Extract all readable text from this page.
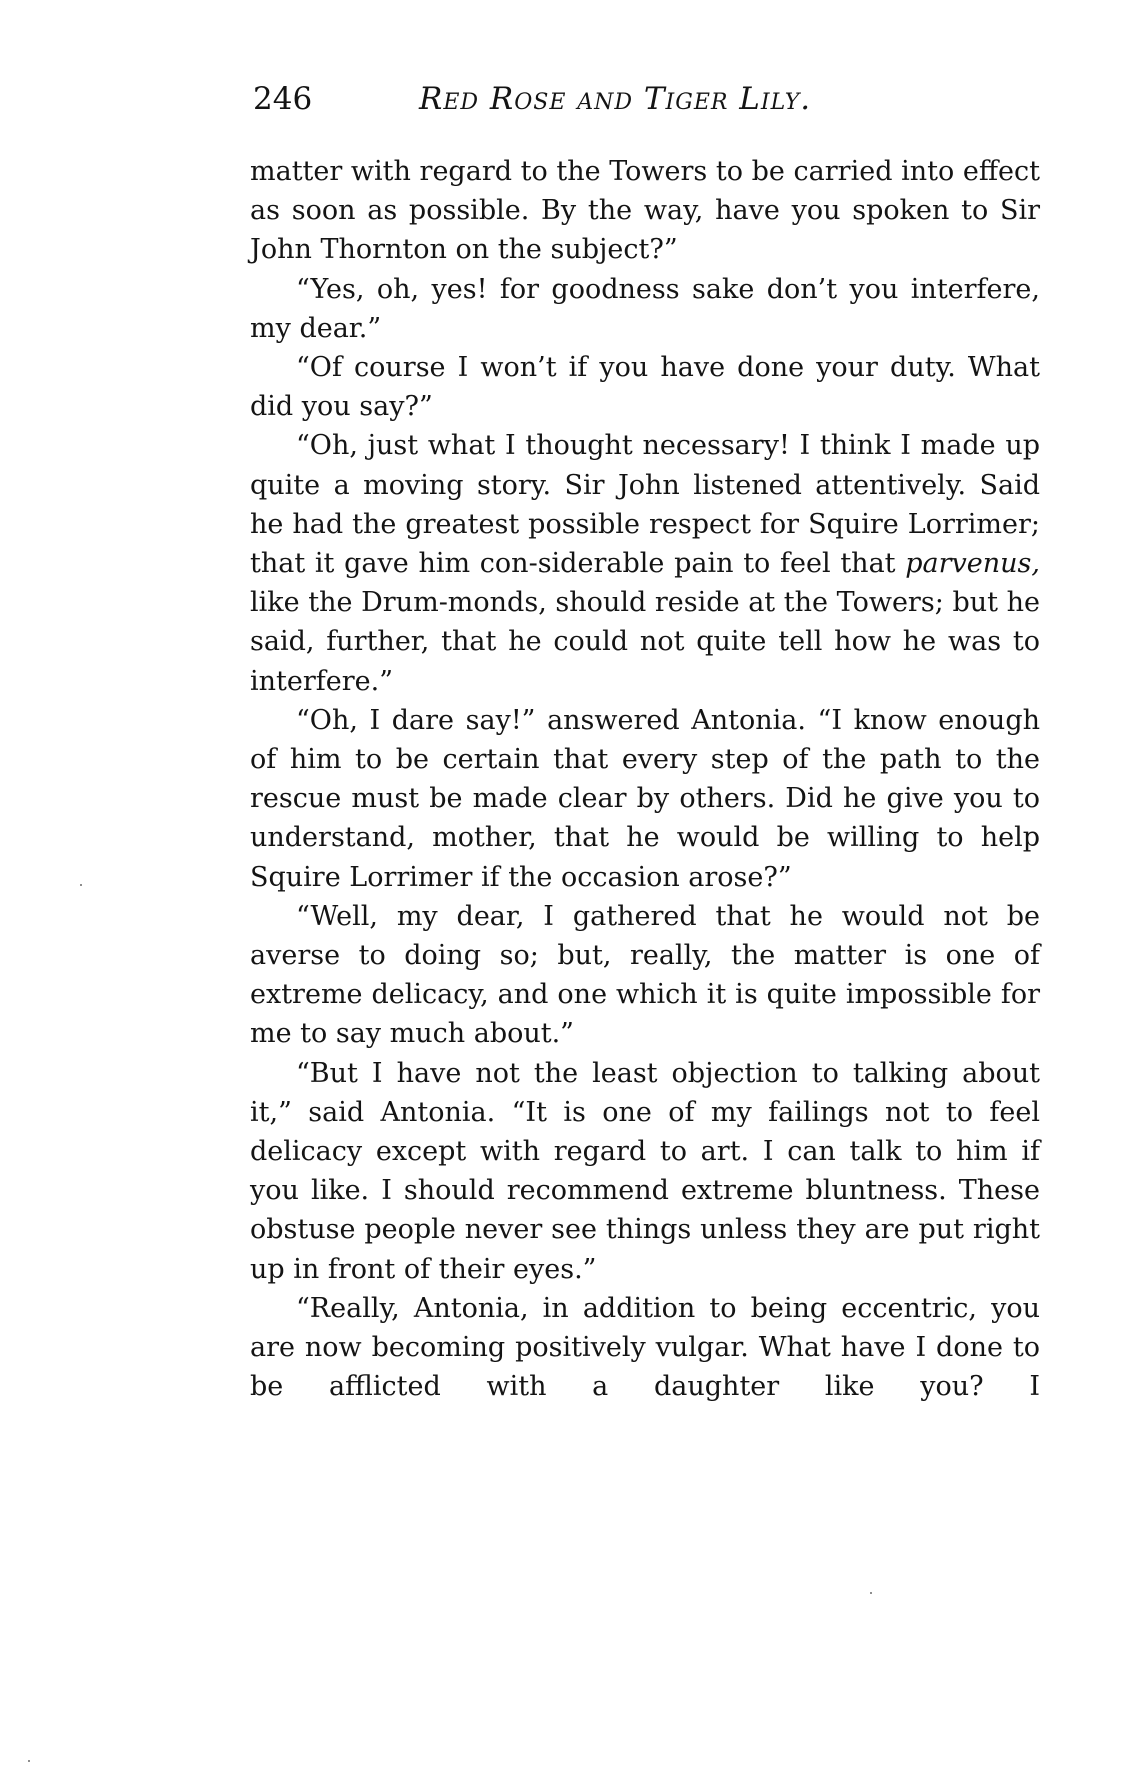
246	Red Rose and Tiger Lily.

matter with regard to the Towers to be carried into effect as soon as possible. By the way, have you spoken to Sir John Thornton on the subject?”

“Yes, oh, yes! for goodness sake don’t you interfere, my dear.”

“Of course I won’t if you have done your duty. What did you say?”

“Oh, just what I thought necessary! I think I made up quite a moving story. Sir John listened attentively. Said he had the greatest possible respect for Squire Lorrimer; that it gave him con-siderable pain to feel that parvenus, like the Drum-monds, should reside at the Towers; but he said, further, that he could not quite tell how he was to interfere.”

“Oh, I dare say!” answered Antonia. “I know enough of him to be certain that every step of the path to the rescue must be made clear by others. Did he give you to understand, mother, that he would be willing to help Squire Lorrimer if the occasion arose?”

“Well, my dear, I gathered that he would not be averse to doing so; but, really, the matter is one of extreme delicacy, and one which it is quite impossible for me to say much about.”

“But I have not the least objection to talking about it,” said Antonia. “It is one of my failings not to feel delicacy except with regard to art. I can talk to him if you like. I should recommend extreme bluntness. These obstuse people never see things unless they are put right up in front of their eyes.”

“Really, Antonia, in addition to being eccentric, you are now becoming positively vulgar. What have I done to be afflicted with a daughter like you? I
